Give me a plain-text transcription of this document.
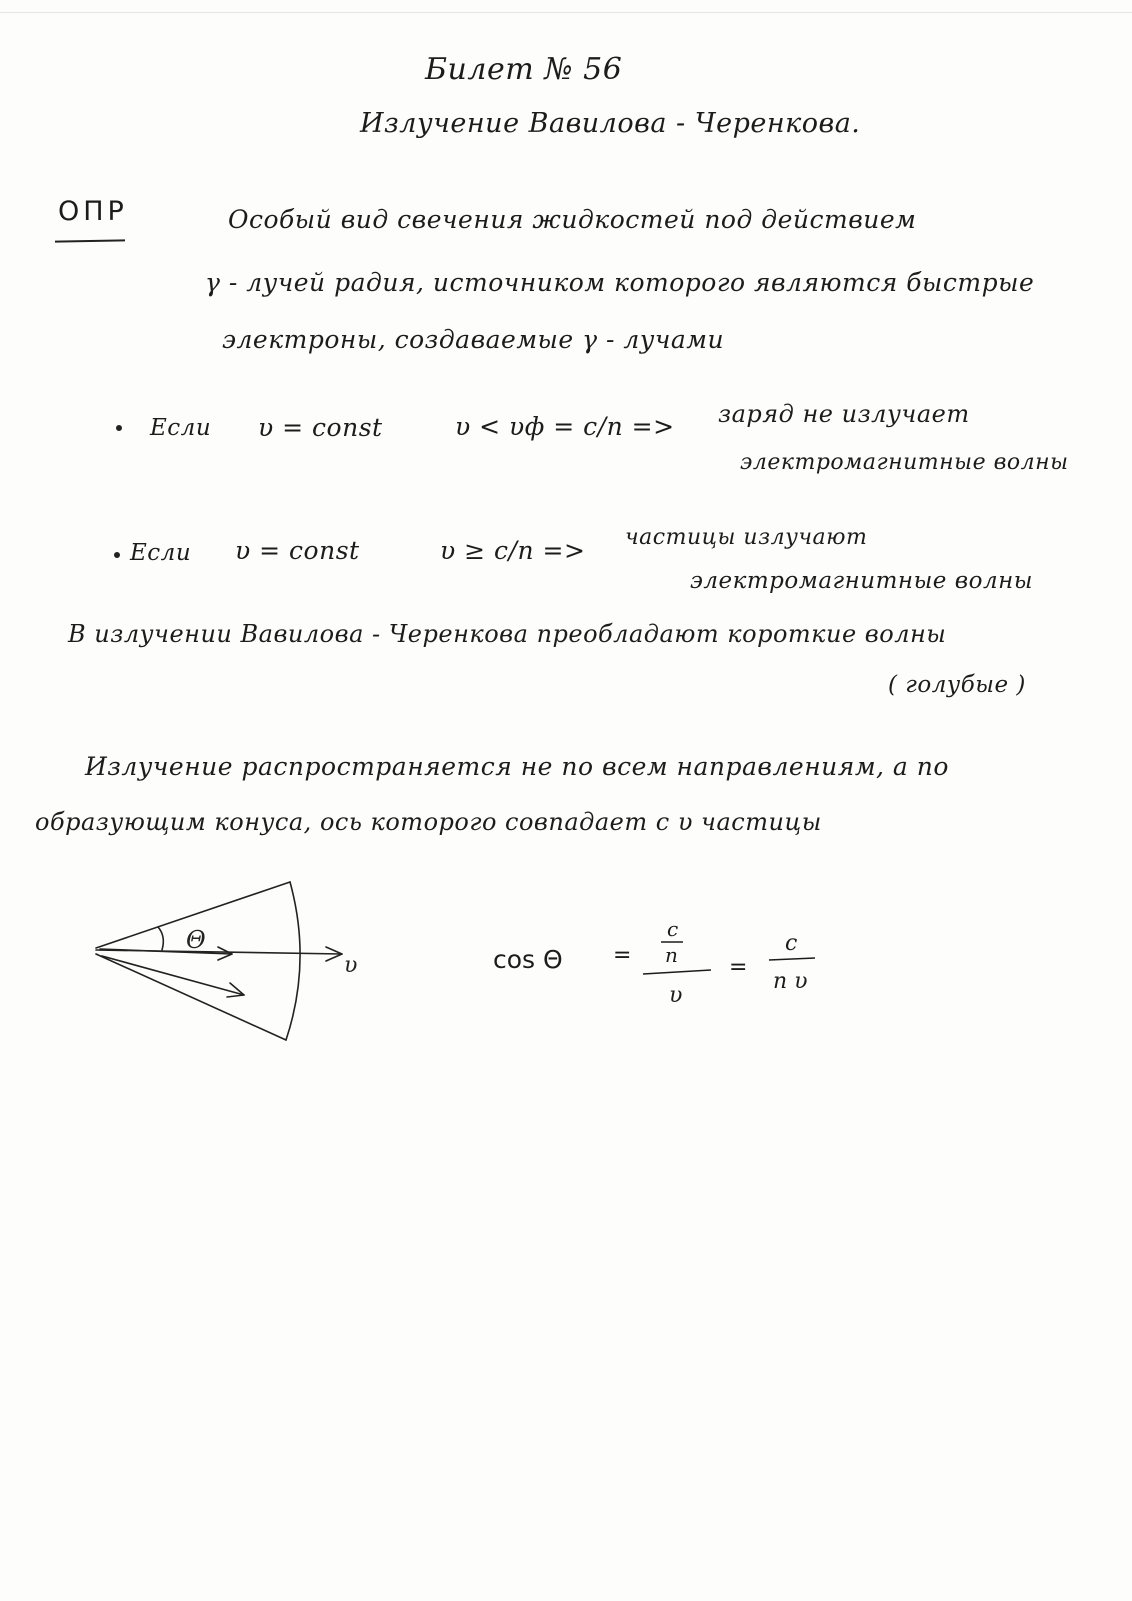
Билет № 56
Излучение Вавилова - Черенкова.
ОПР	Особый вид свечения жидкостей под действием
γ - лучей радия, источником которого являются быстрые
электроны, создаваемые γ - лучами
Если υ = const	υ < υф = c/n => заряд не излучает
электромагнитные волны
Если υ = const	υ ≥ c/n => частицы излучают
электромагнитные волны
В излучении Вавилова - Черенкова преобладают короткие волны
( голубые )
Излучение распространяется не по всем направлениям, а по
образующим конуса, ось которого совпадает с υ частицы
Θ
υ	cos Θ =
c
n
υ
=
c
n υ
